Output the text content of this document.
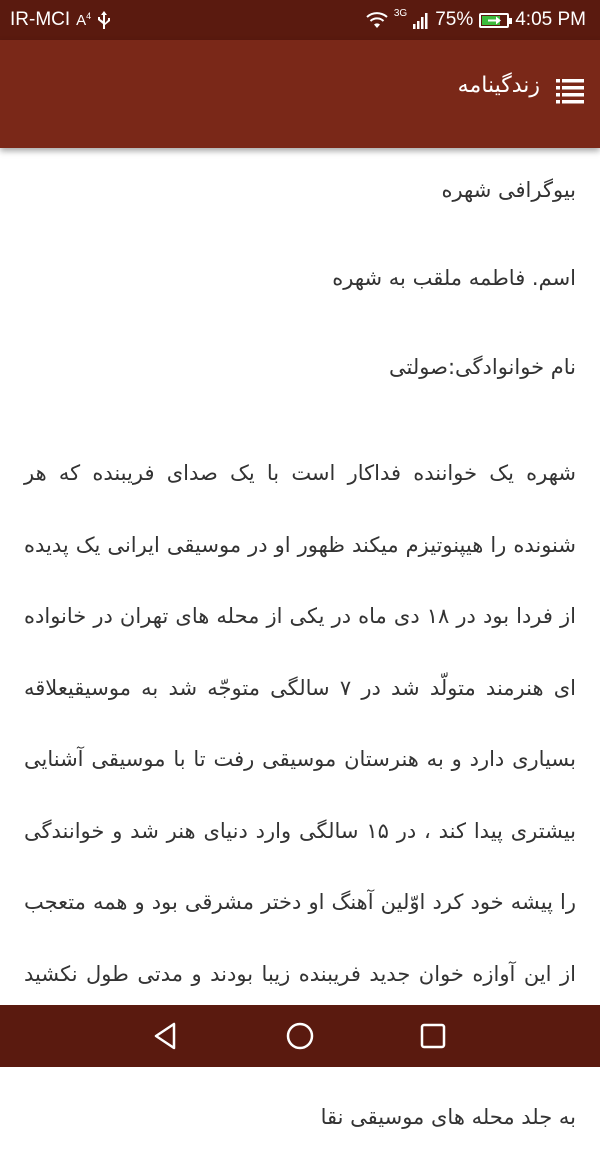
IR-MCI $A^4$	3G 75% 4:05 PM
زندگینامه

بیوگرافی شهره

اسم. فاطمه ملقب به شهره

نام خوانوادگی:صولتی

شهره یک خواننده فداکار است با یک صدای فریبنده که هر شنونده را هیپنوتیزم میکند ظهور او در موسیقی ایرانی یک پدیده از فردا بود در ۱۸ دی ماه در یکی از محله های تهران در خانواده ای هنرمند متولّد شد در ۷ سالگی متوجّه شد به موسیقیعلاقه بسیاری دارد و به هنرستان موسیقی رفت تا با موسیقی آشنایی بیشتری پیدا کند ، در ۱۵ سالگی وارد دنیای هنر شد و خوانندگی را پیشه خود کرد اوّلین آهنگ او دختر مشرقی بود و همه متعجب از این آوازه خوان جدید فریبنده زیبا بودند و مدتی طول نکشید به جلد محله های موسیقی نقا
